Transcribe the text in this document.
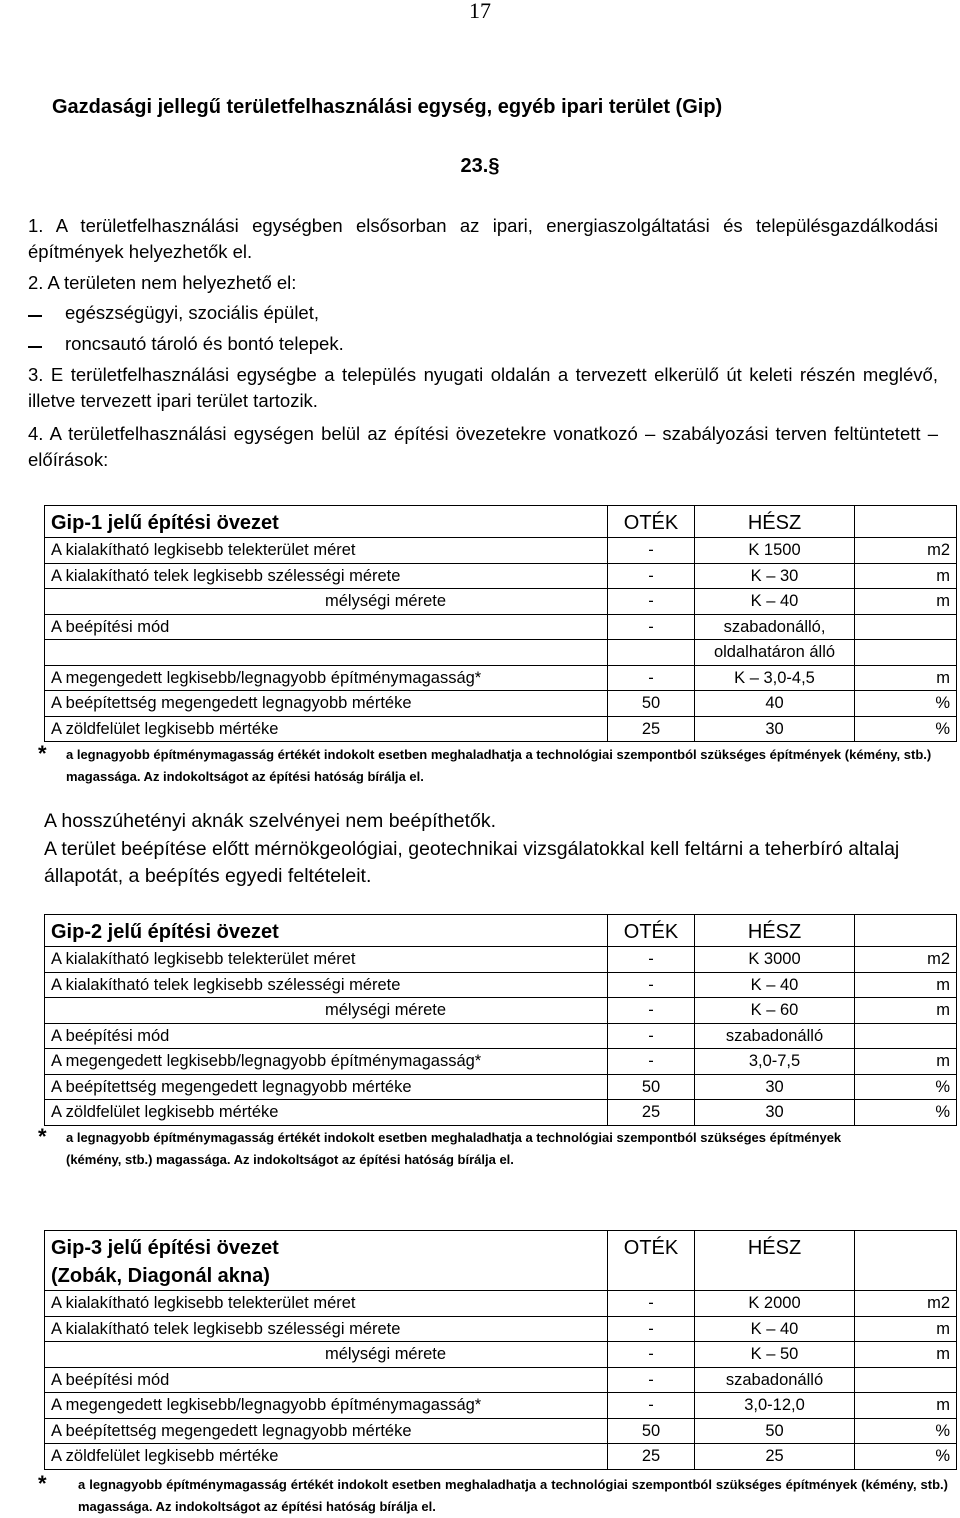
17
Gazdasági jellegű területfelhasználási egység, egyéb ipari terület (Gip)
23.§
1. A területfelhasználási egységben elsősorban az ipari, energiaszolgáltatási és településgazdálkodási építmények helyezhetők el.
2. A területen nem helyezhető el:
egészségügyi, szociális épület,
roncsautó tároló és bontó telepek.
3. E területfelhasználási egységbe a település nyugati oldalán a tervezett elkerülő út keleti részén meglévő, illetve tervezett ipari terület tartozik.
4. A területfelhasználási egységen belül az építési övezetekre vonatkozó – szabályozási terven feltüntetett – előírások:
Gip-1 jelű építési övezet	OTÉK	HÉSZ	
A kialakítható legkisebb telekterület méret	-	K 1500	m2
A kialakítható telek legkisebb szélességi mérete	-	K – 30	m
mélységi mérete	-	K – 40	m
A beépítési mód	-	szabadonálló,	
		oldalhatáron álló	
A megengedett legkisebb/legnagyobb építménymagasság*	-	K – 3,0-4,5	m
A beépítettség megengedett legnagyobb mértéke	50	40	%
A zöldfelület legkisebb mértéke	25	30	%
* a legnagyobb építménymagasság értékét indokolt esetben meghaladhatja a technológiai szempontból szükséges építmények (kémény, stb.) magassága. Az indokoltságot az építési hatóság bírálja el.
A hosszúhetényi aknák szelvényei nem beépíthetők.
A terület beépítése előtt mérnökgeológiai, geotechnikai vizsgálatokkal kell feltárni a teherbíró altalaj állapotát, a beépítés egyedi feltételeit.
Gip-2 jelű építési övezet	OTÉK	HÉSZ	
A kialakítható legkisebb telekterület méret	-	K 3000	m2
A kialakítható telek legkisebb szélességi mérete	-	K – 40	m
mélységi mérete	-	K – 60	m
A beépítési mód	-	szabadonálló	
A megengedett legkisebb/legnagyobb építménymagasság*	-	3,0-7,5	m
A beépítettség megengedett legnagyobb mértéke	50	30	%
A zöldfelület legkisebb mértéke	25	30	%
* a legnagyobb építménymagasság értékét indokolt esetben meghaladhatja a technológiai szempontból szükséges építmények (kémény, stb.) magassága. Az indokoltságot az építési hatóság bírálja el.
Gip-3 jelű építési övezet
(Zobák, Diagonál akna)	OTÉK	HÉSZ	
A kialakítható legkisebb telekterület méret	-	K 2000	m2
A kialakítható telek legkisebb szélességi mérete	-	K – 40	m
mélységi mérete	-	K – 50	m
A beépítési mód	-	szabadonálló	
A megengedett legkisebb/legnagyobb építménymagasság*	-	3,0-12,0	m
A beépítettség megengedett legnagyobb mértéke	50	50	%
A zöldfelület legkisebb mértéke	25	25	%
* a legnagyobb építménymagasság értékét indokolt esetben meghaladhatja a technológiai szempontból szükséges építmények (kémény, stb.) magassága. Az indokoltságot az építési hatóság bírálja el.
